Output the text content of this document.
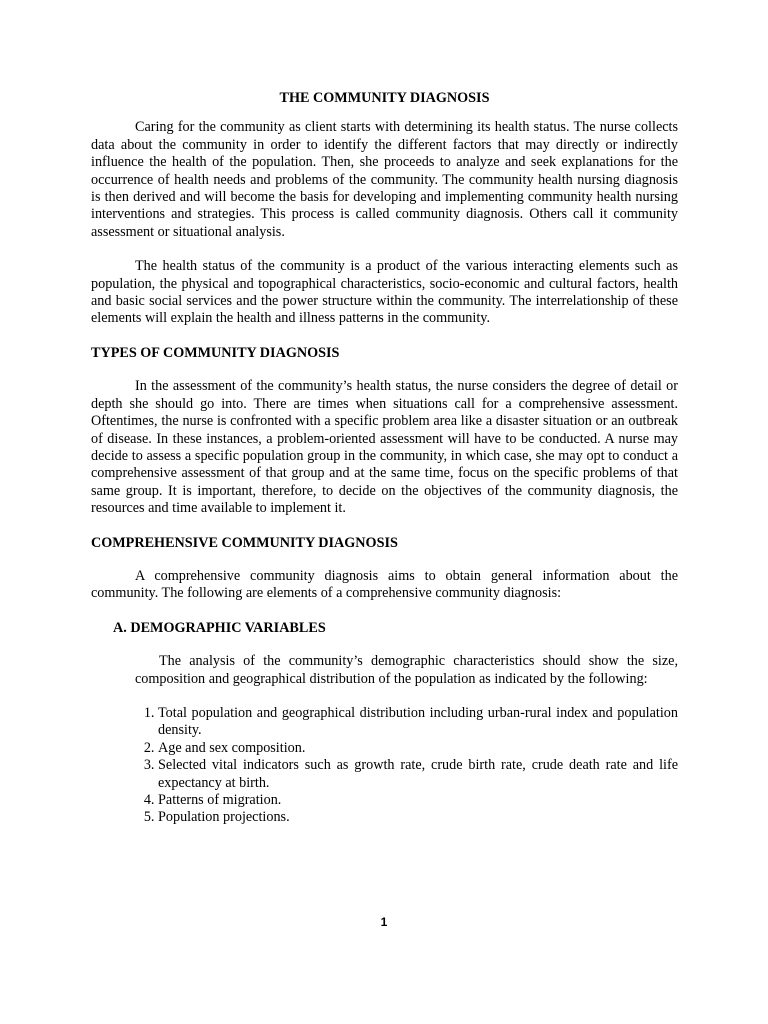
THE COMMUNITY DIAGNOSIS

Caring for the community as client starts with determining its health status. The nurse collects data about the community in order to identify the different factors that may directly or indirectly influence the health of the population. Then, she proceeds to analyze and seek explanations for the occurrence of health needs and problems of the community. The community health nursing diagnosis is then derived and will become the basis for developing and implementing community health nursing interventions and strategies. This process is called community diagnosis. Others call it community assessment or situational analysis.

The health status of the community is a product of the various interacting elements such as population, the physical and topographical characteristics, socio-economic and cultural factors, health and basic social services and the power structure within the community. The interrelationship of these elements will explain the health and illness patterns in the community.

TYPES OF COMMUNITY DIAGNOSIS

In the assessment of the community’s health status, the nurse considers the degree of detail or depth she should go into. There are times when situations call for a comprehensive assessment. Oftentimes, the nurse is confronted with a specific problem area like a disaster situation or an outbreak of disease. In these instances, a problem-oriented assessment will have to be conducted. A nurse may decide to assess a specific population group in the community, in which case, she may opt to conduct a comprehensive assessment of that group and at the same time, focus on the specific problems of that same group. It is important, therefore, to decide on the objectives of the community diagnosis, the resources and time available to implement it.

COMPREHENSIVE COMMUNITY DIAGNOSIS

A comprehensive community diagnosis aims to obtain general information about the community. The following are elements of a comprehensive community diagnosis:

A. DEMOGRAPHIC VARIABLES

The analysis of the community’s demographic characteristics should show the size, composition and geographical distribution of the population as indicated by the following:

1. Total population and geographical distribution including urban-rural index and population density.
2. Age and sex composition.
3. Selected vital indicators such as growth rate, crude birth rate, crude death rate and life expectancy at birth.
4. Patterns of migration.
5. Population projections.
1
